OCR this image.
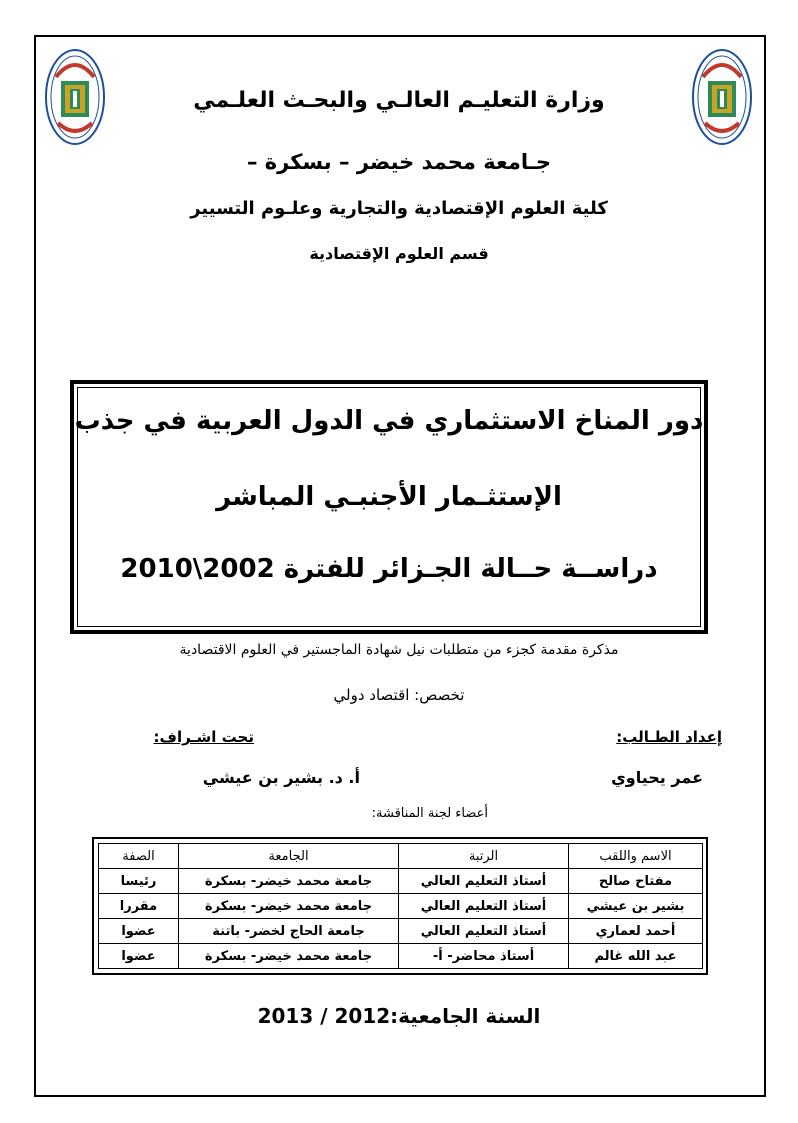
وزارة التعليـم العالـي والبحـث العلـمي
جـامعة محمد خيضر – بسكرة –
كلية العلوم الإقتصادية والتجارية وعلـوم التسيير
قسم العلوم الإقتصادية
دور المناخ الاستثماري في الدول العربية في جذب
الإستثـمار الأجنبـي المباشر
دراســة حــالة الجـزائر للفترة 2002\2010
مذكرة مقدمة كجزء من متطلبات نيل شهادة الماجستير في العلوم الاقتصادية
تخصص: اقتصاد دولي
إعداد الطـالب:
تحت اشـراف:
عمر يحياوي
أ. د. بشير بن عيشي
أعضاء لجنة المناقشة:
الاسم واللقب	الرتبة	الجامعة	الصفة
مفتاح صالح	أستاذ التعليم العالي	جامعة محمد خيضر- بسكرة	رئيسا
بشير بن عيشي	أستاذ التعليم العالي	جامعة محمد خيضر- بسكرة	مقررا
أحمد لعماري	أستاذ التعليم العالي	جامعة الحاج لخضر- باتنة	عضوا
عبد الله غالم	أستاذ محاضر- أ-	جامعة محمد خيضر- بسكرة	عضوا
السنة الجامعية:2012 / 2013
